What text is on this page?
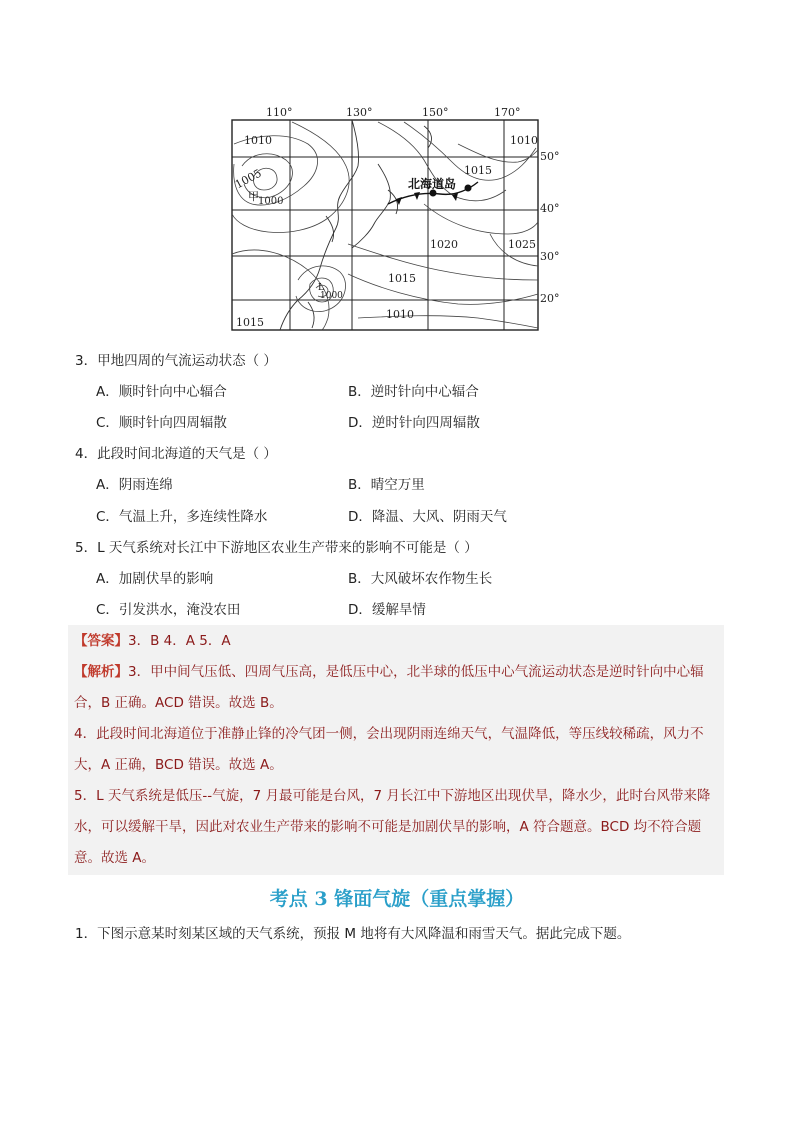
110°	130°	150°	170°
50°
40°
30°
20°
1010
1005
1000
1015
1010
1020	1025
1015
1000
1010
1015
北海道岛
甲
L
3．甲地四周的气流运动状态（ ）
A．顺时针向中心辐合	B．逆时针向中心辐合
C．顺时针向四周辐散	D．逆时针向四周辐散
4．此段时间北海道的天气是（ ）
A．阴雨连绵	B．晴空万里
C．气温上升，多连续性降水	D．降温、大风、阴雨天气
5．L 天气系统对长江中下游地区农业生产带来的影响不可能是（ ）
A．加剧伏旱的影响	B．大风破坏农作物生长
C．引发洪水，淹没农田	D．缓解旱情
【答案】3．B 4．A 5．A
【解析】3．甲中间气压低、四周气压高，是低压中心，北半球的低压中心气流运动状态是逆时针向中心辐
合，B 正确。ACD 错误。故选 B。
4．此段时间北海道位于准静止锋的冷气团一侧，会出现阴雨连绵天气，气温降低，等压线较稀疏，风力不
大，A 正确，BCD 错误。故选 A。
5．L 天气系统是低压--气旋，7 月最可能是台风，7 月长江中下游地区出现伏旱，降水少，此时台风带来降
水，可以缓解干旱，因此对农业生产带来的影响不可能是加剧伏旱的影响，A 符合题意。BCD 均不符合题
意。故选 A。
考点 3 锋面气旋（重点掌握）
1．下图示意某时刻某区域的天气系统，预报 M 地将有大风降温和雨雪天气。据此完成下题。
